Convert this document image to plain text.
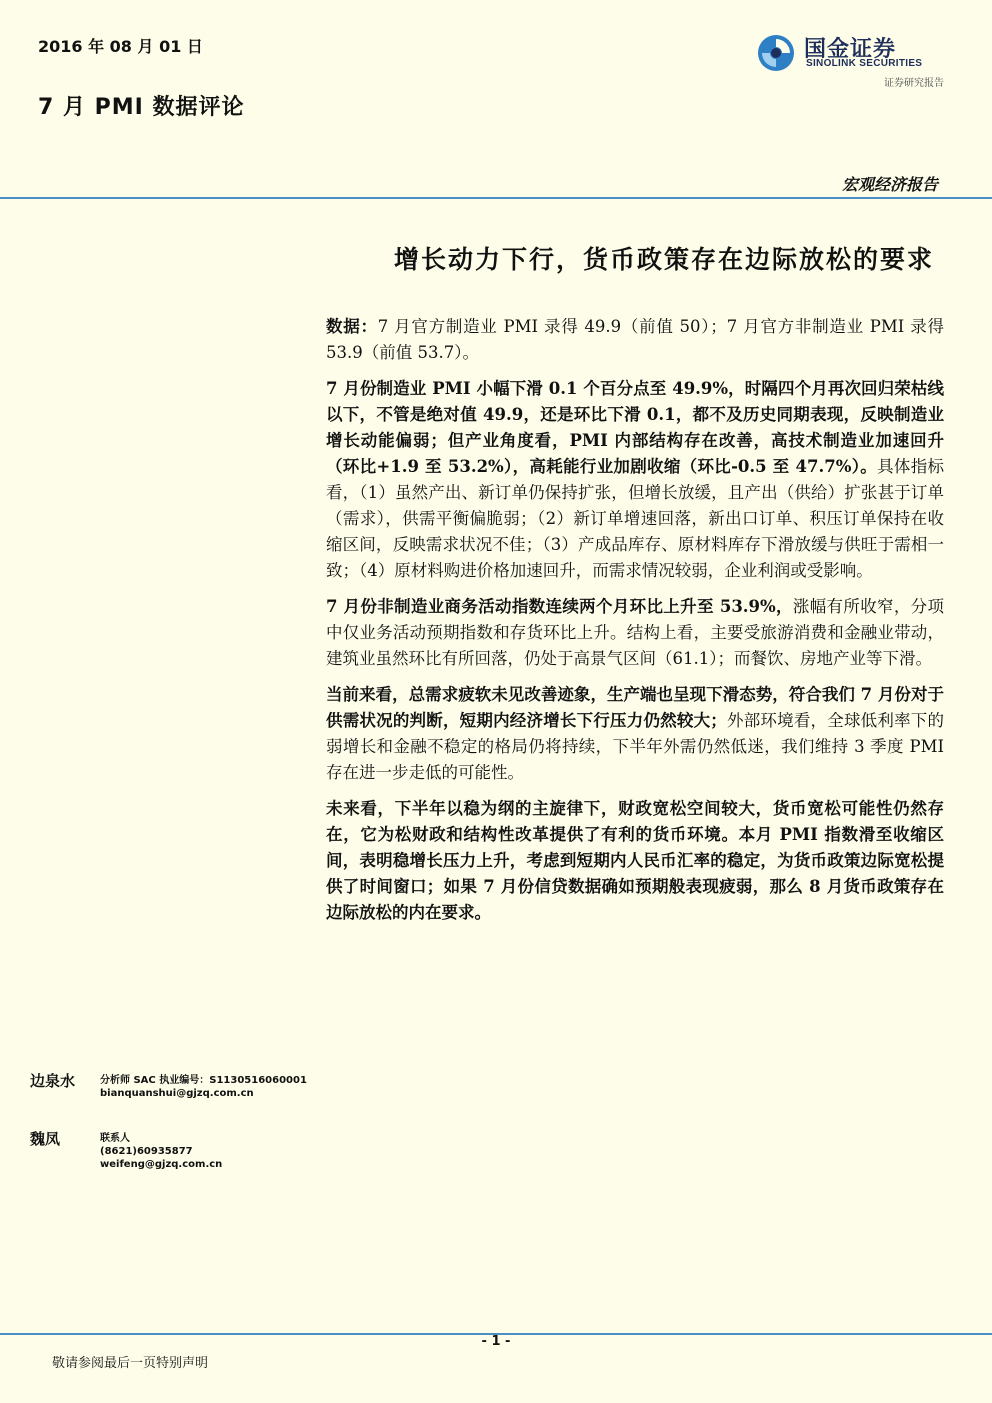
2016 年 08 月 01 日
7 月 PMI 数据评论
国金证券
SINOLINK SECURITIES
证券研究报告
宏观经济报告
增长动力下行，货币政策存在边际放松的要求

数据：7 月官方制造业 PMI 录得 49.9（前值 50）；7 月官方非制造业 PMI 录得 53.9（前值 53.7）。

7 月份制造业 PMI 小幅下滑 0.1 个百分点至 49.9%，时隔四个月再次回归荣枯线以下，不管是绝对值 49.9，还是环比下滑 0.1，都不及历史同期表现，反映制造业增长动能偏弱；但产业角度看，PMI 内部结构存在改善，高技术制造业加速回升（环比+1.9 至 53.2%），高耗能行业加剧收缩（环比-0.5 至 47.7%）。具体指标看，（1）虽然产出、新订单仍保持扩张，但增长放缓，且产出（供给）扩张甚于订单（需求），供需平衡偏脆弱；（2）新订单增速回落，新出口订单、积压订单保持在收缩区间，反映需求状况不佳；（3）产成品库存、原材料库存下滑放缓与供旺于需相一致；（4）原材料购进价格加速回升，而需求情况较弱，企业利润或受影响。

7 月份非制造业商务活动指数连续两个月环比上升至 53.9%，涨幅有所收窄，分项中仅业务活动预期指数和存货环比上升。结构上看，主要受旅游消费和金融业带动，建筑业虽然环比有所回落，仍处于高景气区间（61.1）；而餐饮、房地产业等下滑。

当前来看，总需求疲软未见改善迹象，生产端也呈现下滑态势，符合我们 7 月份对于供需状况的判断，短期内经济增长下行压力仍然较大；外部环境看，全球低利率下的弱增长和金融不稳定的格局仍将持续，下半年外需仍然低迷，我们维持 3 季度 PMI 存在进一步走低的可能性。

未来看，下半年以稳为纲的主旋律下，财政宽松空间较大，货币宽松可能性仍然存在，它为松财政和结构性改革提供了有利的货币环境。本月 PMI 指数滑至收缩区间，表明稳增长压力上升，考虑到短期内人民币汇率的稳定，为货币政策边际宽松提供了时间窗口；如果 7 月份信贷数据确如预期般表现疲弱，那么 8 月货币政策存在边际放松的内在要求。

边泉水 分析师 SAC 执业编号：S1130516060001
bianquanshui@gjzq.com.cn
魏凤	联系人
(8621)60935877
weifeng@gjzq.com.cn
- 1 -
敬请参阅最后一页特别声明
